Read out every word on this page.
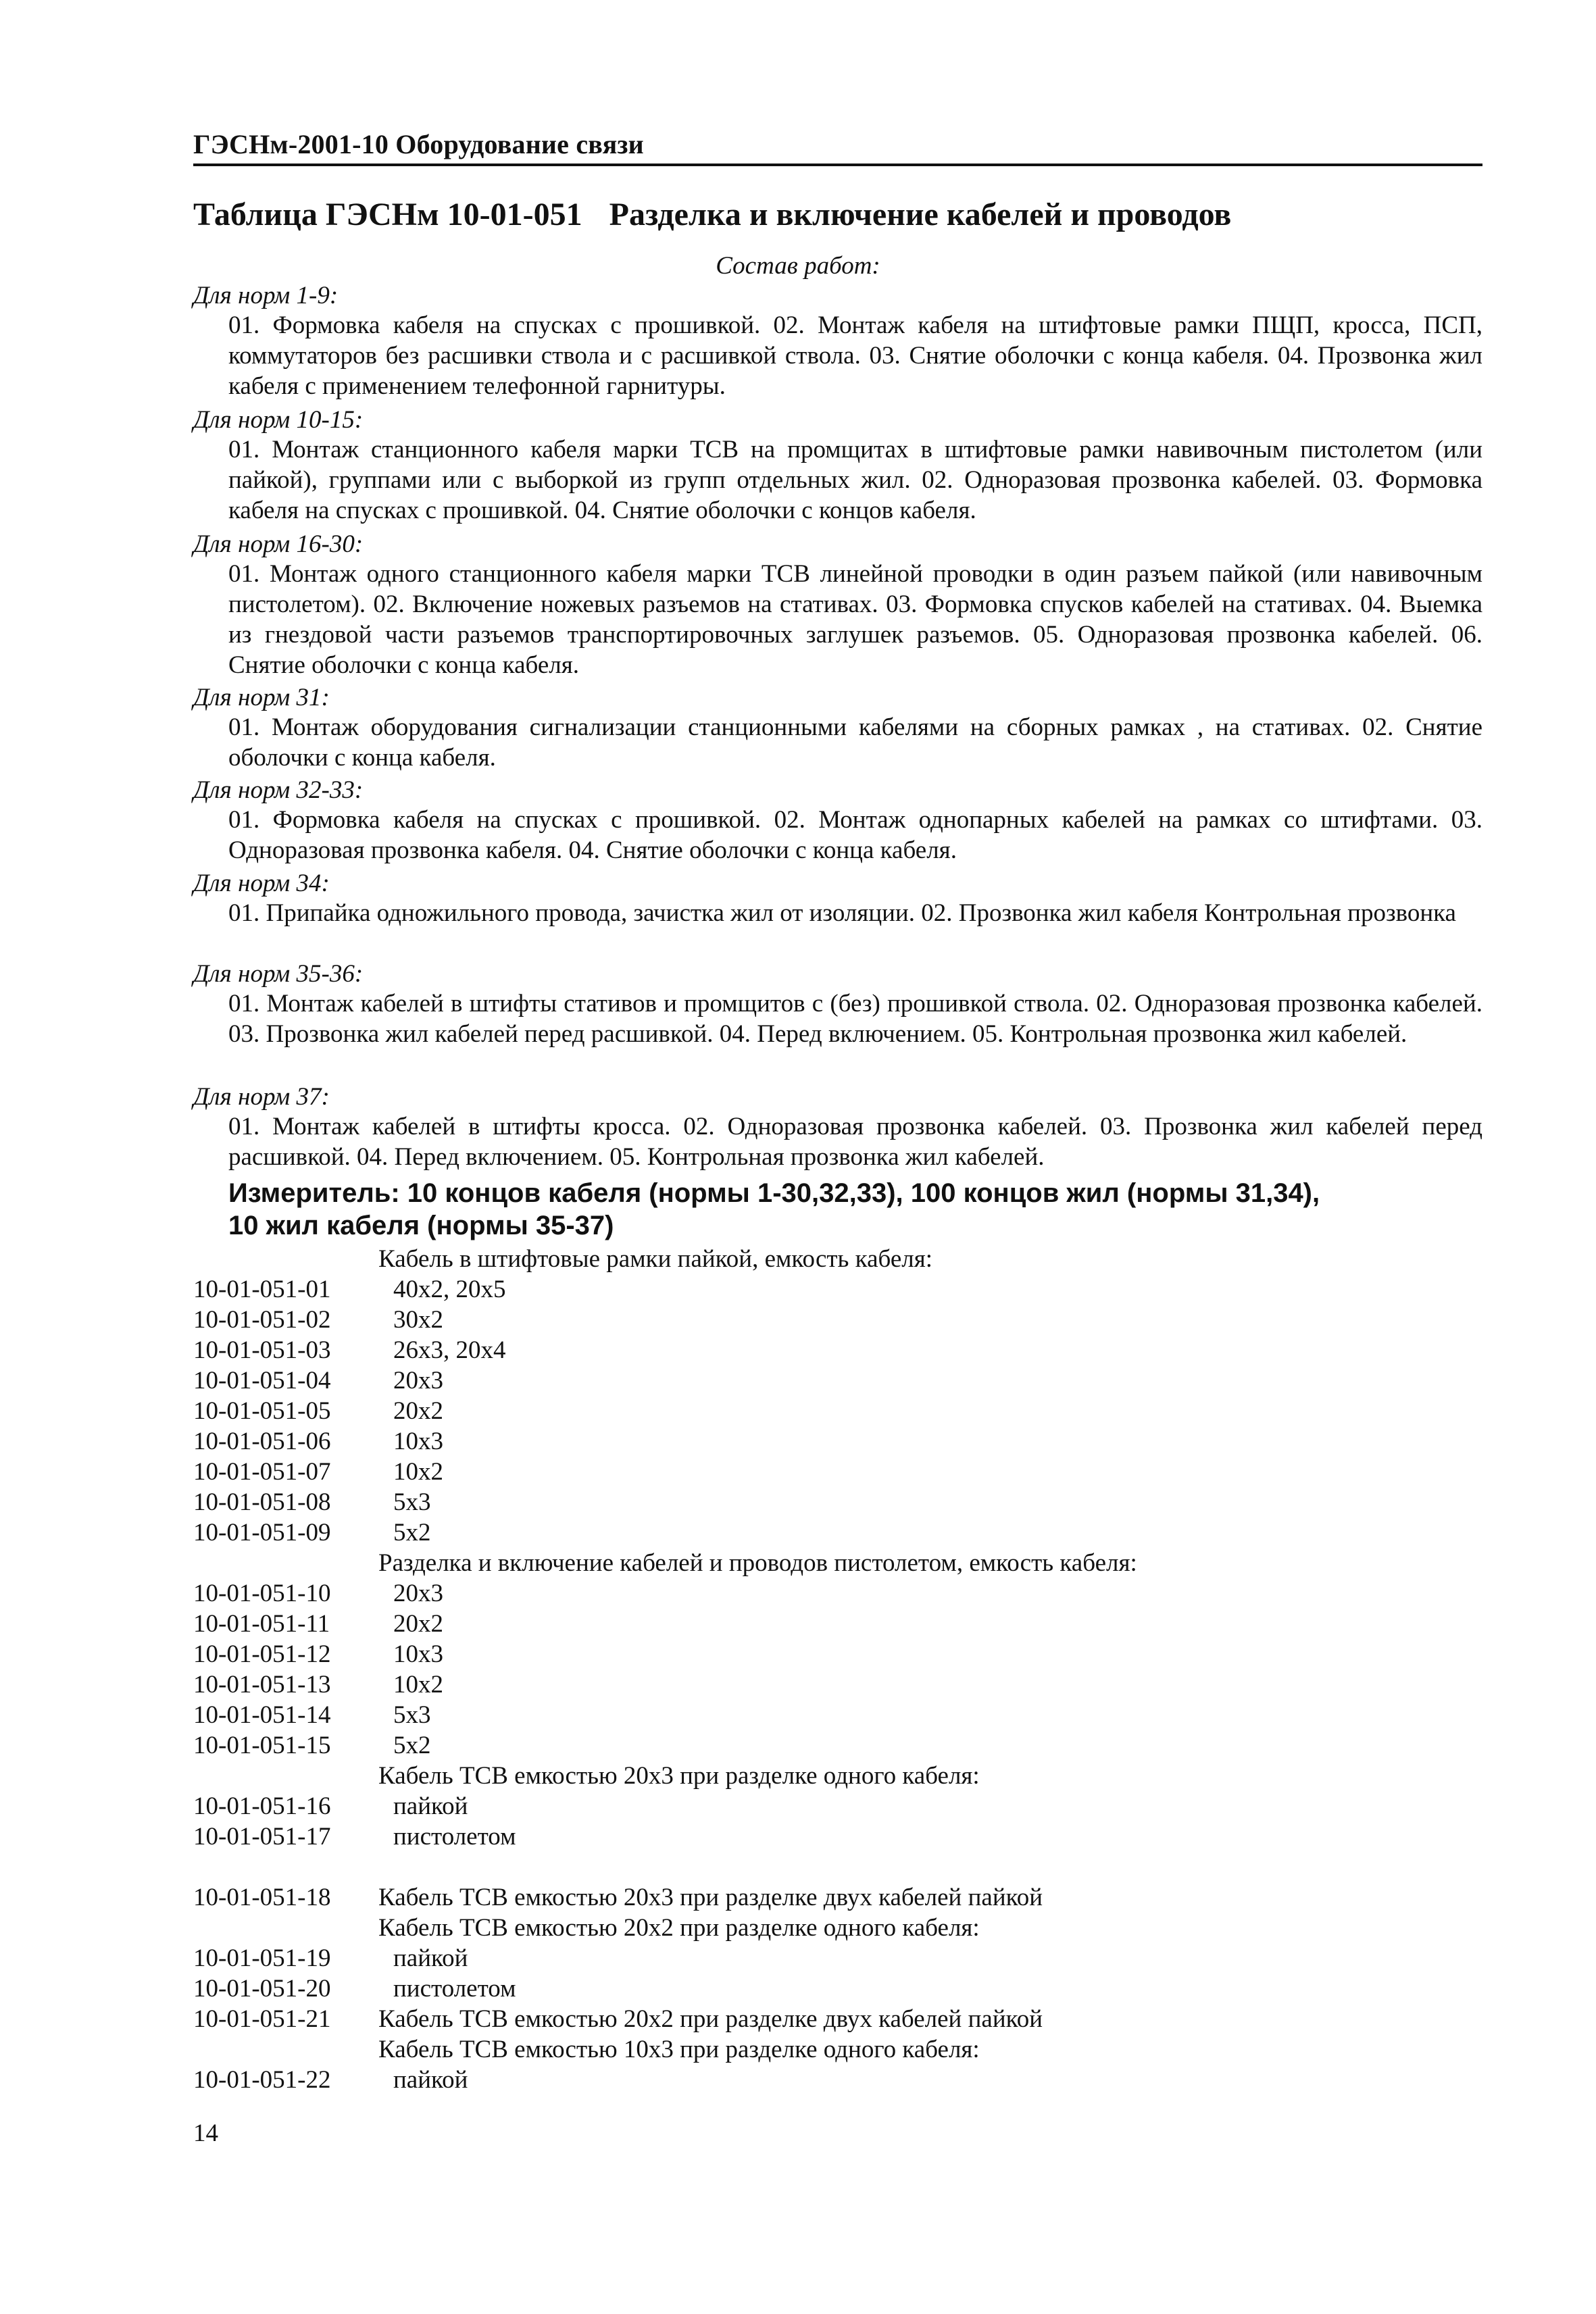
ГЭСНм-2001-10 Оборудование связи
Таблица ГЭСНм 10-01-051 Разделка и включение кабелей и проводов
Состав работ:
Для норм 1-9:
01. Формовка кабеля на спусках с прошивкой. 02. Монтаж кабеля на штифтовые рамки ПЩП, кросса, ПСП, коммутаторов без расшивки ствола и с расшивкой ствола. 03. Снятие оболочки с конца кабеля. 04. Прозвонка жил кабеля с применением телефонной гарнитуры.
Для норм 10-15:
01. Монтаж станционного кабеля марки ТСВ на промщитах в штифтовые рамки навивочным пистолетом (или пайкой), группами или с выборкой из групп отдельных жил. 02. Одноразовая прозвонка кабелей. 03. Формовка кабеля на спусках с прошивкой. 04. Снятие оболочки с концов кабеля.
Для норм 16-30:
01. Монтаж одного станционного кабеля марки ТСВ линейной проводки в один разъем пайкой (или навивочным пистолетом). 02. Включение ножевых разъемов на стативах. 03. Формовка спусков кабелей на стативах. 04. Выемка из гнездовой части разъемов транспортировочных заглушек разъемов. 05. Одноразовая прозвонка кабелей. 06. Снятие оболочки с конца кабеля.
Для норм 31:
01. Монтаж оборудования сигнализации станционными кабелями на сборных рамках , на стативах. 02. Снятие оболочки с конца кабеля.
Для норм 32-33:
01. Формовка кабеля на спусках с прошивкой. 02. Монтаж однопарных кабелей на рамках со штифтами. 03. Одноразовая прозвонка кабеля. 04. Снятие оболочки с конца кабеля.
Для норм 34:
01. Припайка одножильного провода, зачистка жил от изоляции. 02. Прозвонка жил кабеля Контрольная прозвонка
Для норм 35-36:
01. Монтаж кабелей в штифты стативов и промщитов с (без) прошивкой ствола. 02. Одноразовая прозвонка кабелей. 03. Прозвонка жил кабелей перед расшивкой. 04. Перед включением. 05. Контрольная прозвонка жил кабелей.
Для норм 37:
01. Монтаж кабелей в штифты кросса. 02. Одноразовая прозвонка кабелей. 03. Прозвонка жил кабелей перед расшивкой. 04. Перед включением. 05. Контрольная прозвонка жил кабелей.
Измеритель: 10 концов кабеля (нормы 1-30,32,33), 100 концов жил (нормы 31,34),
10 жил кабеля (нормы 35-37)
Кабель в штифтовые рамки пайкой, емкость кабеля:
10-01-051-01	40x2, 20x5
10-01-051-02	30x2
10-01-051-03	26x3, 20x4
10-01-051-04	20x3
10-01-051-05	20x2
10-01-051-06	10x3
10-01-051-07	10x2
10-01-051-08	5x3
10-01-051-09	5x2
Разделка и включение кабелей и проводов пистолетом, емкость кабеля:
10-01-051-10	20x3
10-01-051-11	20x2
10-01-051-12	10x3
10-01-051-13	10x2
10-01-051-14	5x3
10-01-051-15	5x2
Кабель ТСВ емкостью 20x3 при разделке одного кабеля:
10-01-051-16	пайкой
10-01-051-17	пистолетом
10-01-051-18 Кабель ТСВ емкостью 20x3 при разделке двух кабелей пайкой
Кабель ТСВ емкостью 20x2 при разделке одного кабеля:
10-01-051-19	пайкой
10-01-051-20	пистолетом
10-01-051-21 Кабель ТСВ емкостью 20x2 при разделке двух кабелей пайкой
Кабель ТСВ емкостью 10x3 при разделке одного кабеля:
10-01-051-22	пайкой
14
